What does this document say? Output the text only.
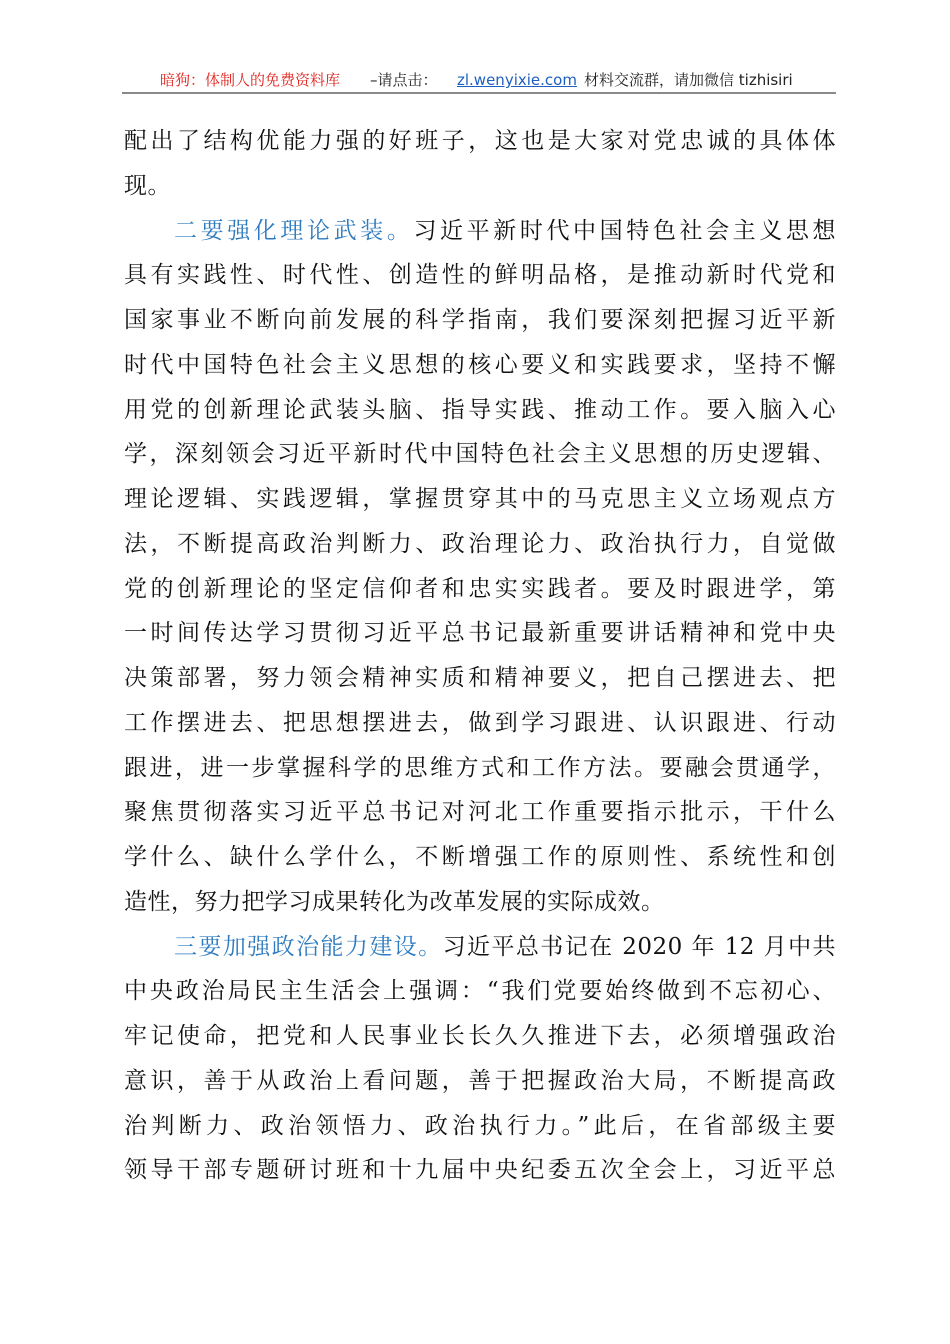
暗狗：体制人的免费资料库 –请点击： zl.wenyixie.com 材料交流群，请加微信 tizhisiri
配出了结构优能力强的好班子，这也是大家对党忠诚的具体体
现。
二要强化理论武装。习近平新时代中国特色社会主义思想
具有实践性、时代性、创造性的鲜明品格，是推动新时代党和
国家事业不断向前发展的科学指南，我们要深刻把握习近平新
时代中国特色社会主义思想的核心要义和实践要求，坚持不懈
用党的创新理论武装头脑、指导实践、推动工作。要入脑入心
学，深刻领会习近平新时代中国特色社会主义思想的历史逻辑、
理论逻辑、实践逻辑，掌握贯穿其中的马克思主义立场观点方
法，不断提高政治判断力、政治理论力、政治执行力，自觉做
党的创新理论的坚定信仰者和忠实实践者。要及时跟进学，第
一时间传达学习贯彻习近平总书记最新重要讲话精神和党中央
决策部署，努力领会精神实质和精神要义，把自己摆进去、把
工作摆进去、把思想摆进去，做到学习跟进、认识跟进、行动
跟进，进一步掌握科学的思维方式和工作方法。要融会贯通学，
聚焦贯彻落实习近平总书记对河北工作重要指示批示，干什么
学什么、缺什么学什么，不断增强工作的原则性、系统性和创
造性，努力把学习成果转化为改革发展的实际成效。
三要加强政治能力建设。习近平总书记在 2020 年 12 月中共
中央政治局民主生活会上强调：“我们党要始终做到不忘初心、
牢记使命，把党和人民事业长长久久推进下去，必须增强政治
意识，善于从政治上看问题，善于把握政治大局，不断提高政
治判断力、政治领悟力、政治执行力。”此后，在省部级主要
领导干部专题研讨班和十九届中央纪委五次全会上，习近平总
